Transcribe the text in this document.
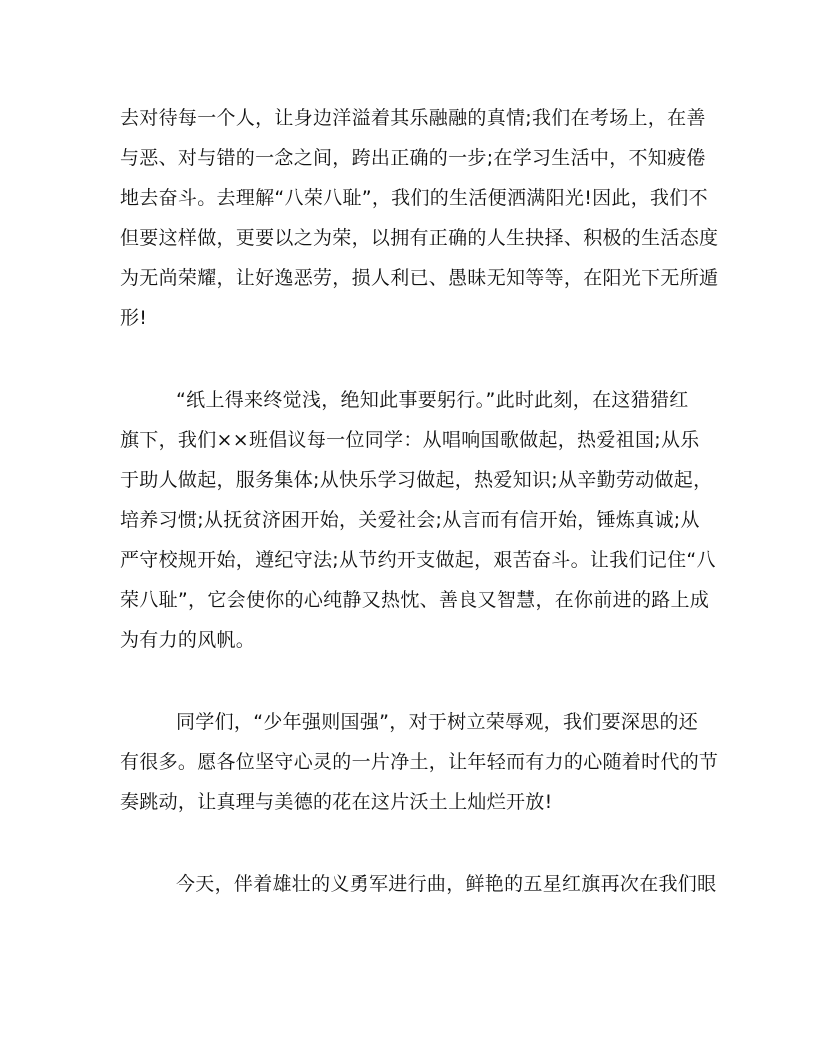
去对待每一个人，让身边洋溢着其乐融融的真情;我们在考场上，在善
与恶、对与错的一念之间，跨出正确的一步;在学习生活中，不知疲倦
地去奋斗。去理解“八荣八耻”，我们的生活便洒满阳光!因此，我们不
但要这样做，更要以之为荣，以拥有正确的人生抉择、积极的生活态度
为无尚荣耀，让好逸恶劳，损人利已、愚昧无知等等，在阳光下无所遁
形!
“纸上得来终觉浅，绝知此事要躬行。”此时此刻，在这猎猎红
旗下，我们××班倡议每一位同学：从唱响国歌做起，热爱祖国;从乐
于助人做起，服务集体;从快乐学习做起，热爱知识;从辛勤劳动做起，
培养习惯;从抚贫济困开始，关爱社会;从言而有信开始，锤炼真诚;从
严守校规开始，遵纪守法;从节约开支做起，艰苦奋斗。让我们记住“八
荣八耻”，它会使你的心纯静又热忱、善良又智慧，在你前进的路上成
为有力的风帆。
同学们，“少年强则国强”，对于树立荣辱观，我们要深思的还
有很多。愿各位坚守心灵的一片净土，让年轻而有力的心随着时代的节
奏跳动，让真理与美德的花在这片沃土上灿烂开放!
今天，伴着雄壮的义勇军进行曲，鲜艳的五星红旗再次在我们眼
